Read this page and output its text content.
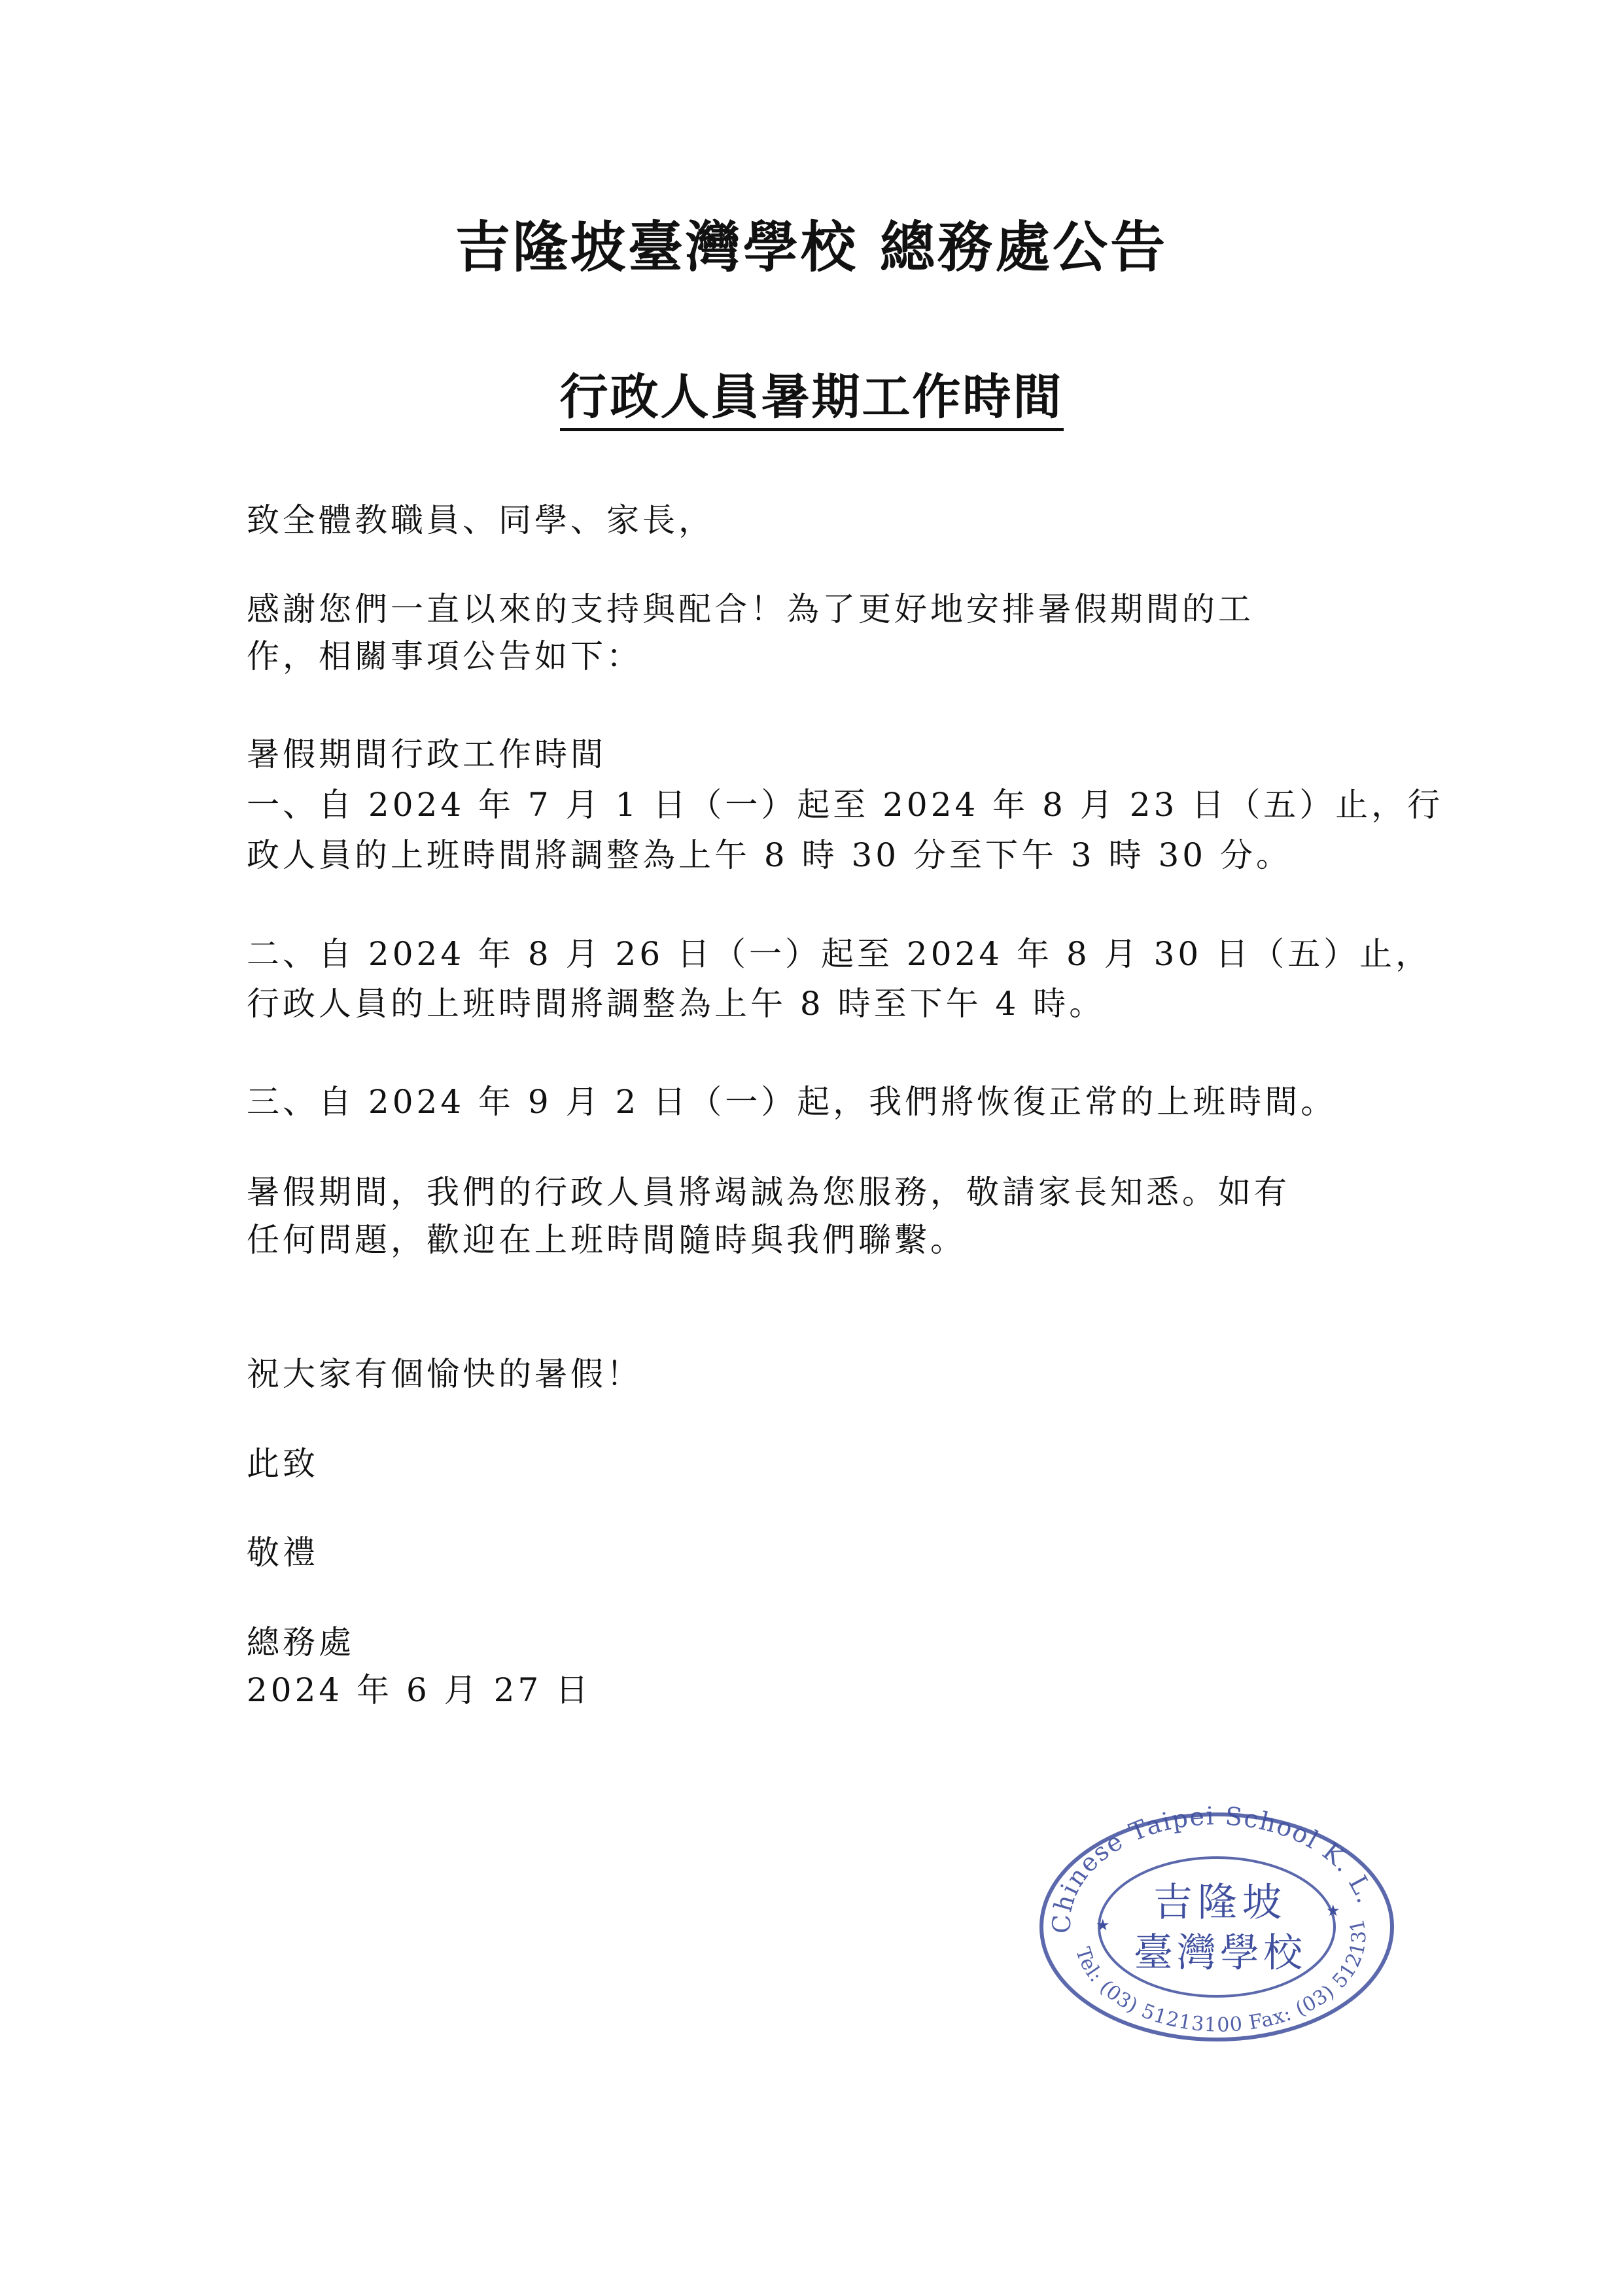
吉隆坡臺灣學校 總務處公告
行政人員暑期工作時間
致全體教職員、同學、家長，
感謝您們一直以來的支持與配合！為了更好地安排暑假期間的工
作，相關事項公告如下：
暑假期間行政工作時間
一、自 2024 年 7 月 1 日（一）起至 2024 年 8 月 23 日（五）止，行
政人員的上班時間將調整為上午 8 時 30 分至下午 3 時 30 分。
二、自 2024 年 8 月 26 日（一）起至 2024 年 8 月 30 日（五）止，
行政人員的上班時間將調整為上午 8 時至下午 4 時。
三、自 2024 年 9 月 2 日（一）起，我們將恢復正常的上班時間。
暑假期間，我們的行政人員將竭誠為您服務，敬請家長知悉。如有
任何問題，歡迎在上班時間隨時與我們聯繫。
祝大家有個愉快的暑假！
此致
敬禮
總務處
2024 年 6 月 27 日
Chinese Taipei School K. L.
Tel: (03) 51213100 Fax: (03) 512131
★
★
吉隆坡
臺灣學校
